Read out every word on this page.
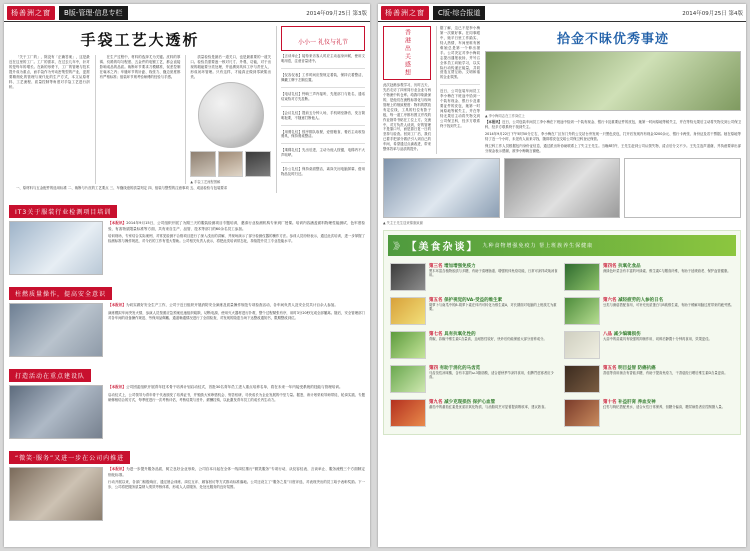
杨善洲之窗	B版-管理·信息专栏	2014年09月25日 第3版
手袋工艺大透析

「关于工厂的」，除没有「正确答案」，这是最近在这里的工厂。工厂的需求，在过去几年中，针对的是每年的增长。在新的形势下，工厂的管理与技术提升成为重点，而手袋作为劳动密集型的产业，更需要精细化的管理与现代化的生产方式，本文从原材料、工艺流程、质量控制等角度对手袋工艺进行剖析。

在生产过程中，材料的选择尤为关键。皮料的厚薄、纹路的均匀程度、五金件的电镀工艺，都会直接影响成品的品质。裁断环节要求刀模精准，误差控制在毫米之内；车缝环节的针距、线张力、缝边宽度都有严格标准；组装环节则考验师傅的经验与手感。

质量检验是最后一道关口，也是最重要的一道关口。检验员需要逐一核对尺寸、外观、功能，对于出现的瑕疵要分类处理，并追溯到具体工序与责任人，形成闭环管理。只有这样，才能真正做到零缺陷出货。

▲ 手袋工艺流程图解

一、原材料与五金配件的选用标准 二、裁断与片皮的工艺要点 三、车缝线迹的质量判定 四、组装与整型的注意事项 五、成品检验与包装要求

小小一 礼仪与礼节
【言谈举止】接待来访客人时应主动起身问候，使用文明用语，注意音量适中。
【仪容仪表】工作时间应按规定着装，保持衣着整洁，佩戴工牌于左胸位置。
【电话礼仪】铃响三声内接听，先报部门与姓名，通话结束待对方先挂断。
【会议礼仪】提前五分钟入场，手机调至静音，发言简明扼要，不随意打断他人。
【用餐礼仪】按序排队取餐，爱惜粮食，餐后主动收拾餐具，保持餐桌整洁。
【乘梯礼仪】先出后进，主动为他人按键，电梯内不大声喧哗。
【办公礼仪】保持桌面整洁，离岗关闭电脑屏幕，借用物品及时归还。
IT3关于服装行业检测项目培训
【本报讯】2014年9月15日，公司组织开展了为期三天的服装检测项目专题培训，邀请行业检测机构专家到厂授课。培训内容涵盖面料物理性能测试、色牢度检验、有害物质限量标准等方面，共有来自生产、品管、技术等部门的60余名员工参加。
培训现场，专家结合实际案例，对常见检测不合格项目进行了深入浅出的讲解，并现场演示了部分检测仪器的操作方法。参训人员纷纷表示，通过此次培训，进一步掌握了检测标准与操作规范，对今后的工作有很大帮助。公司相关负责人表示，将把此类培训常态化，持续提升员工专业技能水平。
柱燃质量操作，提高安全意识
【本报讯】为切实做好安全生产工作，公司于近日组织开展消防安全演练及质量操作规范专项检查活动，各车间负责人及安全员共计百余人参加。
演练模拟车间突发火情，参演人员按照应急预案迅速组织疏散、切断电源、使用灭火器材进行扑救，整个过程紧张有序，用时3分20秒完成全部撤离。随后，安全管理部门对各车间的设备操作规范、劳保用品佩戴、通道畅通情况进行了全面检查，对发现的隐患当场下达整改通知书，限期整改到位。
打造活动在重点建设队
【本报讯】公司团委组织开展青年技术骨干培养计划启动仪式，首批30名青年员工进入重点培养名单，将在未来一年内接受系统的技能与管理培训。
启动仪式上，公司领导为青年骨干代表颁发了培养证书，并勉励大家珍惜机会、刻苦钻研，尽快成长为企业发展的中坚力量。据悉，该计划采取导师带徒、轮岗实践、专题研修相结合的方式，每季度进行一次考核评估，考核结果与晋升、薪酬挂钩，以此激发青年员工的成长内生动力。
“微笑·服务”又进一步在公司内推进
【本报讯】为进一步提升服务品质，树立良好企业形象，公司自本月起在全体一线岗位推行“微笑服务”专项行动，从仪容仪表、言谈举止、服务流程三个方面制定细化标准。
行动开展以来，各部门积极响应，通过晨会训练、岗位互评、顾客回访等方式推动标准落地。公司还设立了“服务之星”月度评选，对表现突出的员工给予表彰奖励。下一步，公司将把服务质量纳入绩效考核体系，形成人人讲服务、处处比服务的良好氛围。
杨善洲之窗	C版-综合报道	2014年09月25日 第4版
香港出关感想
此次赴港参观学习，历时五天，先后走访了四家同行业企业与两个物流中转仓库。给我印象最深的，是他们在流程标准化与现场管理上的细致程度：物料的摆放有定位线，工具的归位有影子板，每一道工序都有图文并茂的作业指导书贴在工位上方。交流中，对方负责人谈到，好的管理不是靠口号，而是靠日复一日的坚持与检查。回到工厂后，我们已着手把部分做法引入到自己的车间，希望通过点滴改进，带来整体效率与品质的提升。
据了解，这已不是李小梅第一次做好事。在同事眼中，她平日里工作踏实、待人热情，车间里谁有困难她总是第一个伸出援手。公司决定对李小梅同志提出通报表扬，并号召全体员工向她学习，以实际行动传递正能量，共同营造互帮互助、文明和谐的企业氛围。
近日，公司包装车间员工李小梅在下班途中拾到一个装有现金、银行卡及重要证件的皮包，她第一时间原地等候失主，并在等待无果后主动将失物交到公司保卫科，经多方联系终于找到失主。
拾金不昧优秀事迹
▲ 李小梅同志在工作岗位上
【本报讯】近日，公司包装车间员工李小梅在下班途中拾到一个装有现金、银行卡及重要证件的皮包，她第一时间原地等候失主，并在等待无果后主动将失物交到公司保卫科，经多方联系终于找到失主。
2014年9月22日下午5时50分左右，李小梅在厂区东门外的公交站台旁发现一只黑色皮包，打开后发现内有现金3200余元、银行卡两张、身份证及若干票据。她在原地等待了近一个小时，未见有人前来寻找，随即将皮包交给公司保卫科登记保管。
保卫科工作人员根据包内身份证信息，通过派出所协助联系上了失主王先生。当晚8时许，王先生赶到公司认领失物，清点后分文不少。王先生连声道谢，并执意要拿出部分现金表示感谢，被李小梅婉言谢绝。
▲ 失主王先生送来锦旗致谢
》》 【美食杂谈】 九种食物增强免疫力 帮上班族养生保健康
第三名 增加增强免疫力
黑木耳富含植物胶质与多糖，有助于清理肠道、增强机体免疫功能，日常可凉拌或炖汤食用。
第四名 抗氧化食品
深绿色叶菜含有丰富的叶绿素、维生素C与膳食纤维，有助于延缓衰老、保护血管健康。
第五名 保护视觉的VA-受益的维生素
胡萝卜与南瓜中的β-胡萝卜素在体内可转化为维生素A，对长期面对电脑的上班族尤为重要。
第六名 减轻疲劳的人参的日名
豆类与菌菇搭配食用，可补充优质蛋白与B族维生素，有助于缓解用脑过度带来的疲劳感。
第七名 具有抗氧化性的
青椒、彩椒中维生素C含量高，且耐热性较好，快炒后仍能保留大部分营养成分。
八品 减少编辑损伤
大蒜中的蒜素具有较强的抑菌作用，切碎后静置十分钟再食用，效果更佳。
第四 有助于消化的马齿苋
马齿苋性凉味酸，含有丰富的ω-3脂肪酸，适合夏秋季节凉拌食用，但脾胃虚寒者应少食。
第五名 明目益智 防癌抗癌
香菇等食用菌含有香菇多糖，有助于提高免疫力，干香菇经日晒后维生素D含量更高。
第九名 减少克现损伤 保护心血管
番茄中的番茄红素是优质抗氧化物质，与油脂同烹可显著提高吸收率，建议熟食。
第十名 补益肝肾 养血安神
红枣与枸杞搭配煮水，适合女性日常保养，但糖分偏高，糖尿病患者应控制摄入量。
